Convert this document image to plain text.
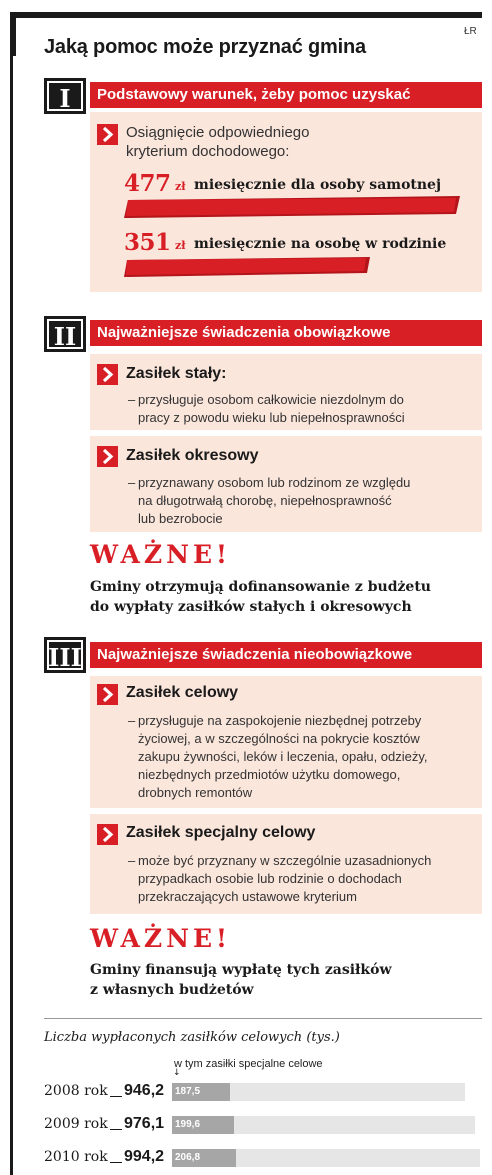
ŁR
Jaką pomoc może przyznać gmina
I	Podstawowy warunek, żeby pomoc uzyskać
Osiągnięcie odpowiedniego
kryterium dochodowego:
477 zł miesięcznie dla osoby samotnej
351 zł miesięcznie na osobę w rodzinie
II	Najważniejsze świadczenia obowiązkowe
Zasiłek stały:
– przysługuje osobom całkowicie niezdolnym do
pracy z powodu wieku lub niepełnosprawności
Zasiłek okresowy
– przyznawany osobom lub rodzinom ze względu
na długotrwałą chorobę, niepełnosprawność
lub bezrobocie
WAŻNE!
Gminy otrzymują dofinansowanie z budżetu
do wypłaty zasiłków stałych i okresowych
III	Najważniejsze świadczenia nieobowiązkowe
Zasiłek celowy
– przysługuje na zaspokojenie niezbędnej potrzeby
życiowej, a w szczególności na pokrycie kosztów
zakupu żywności, leków i leczenia, opału, odzieży,
niezbędnych przedmiotów użytku domowego,
drobnych remontów
Zasiłek specjalny celowy
– może być przyznany w szczególnie uzasadnionych
przypadkach osobie lub rodzinie o dochodach
przekraczających ustawowe kryterium
WAŻNE!
Gminy finansują wypłatę tych zasiłków
z własnych budżetów
Liczba wypłaconych zasiłków celowych (tys.)
w tym zasiłki specjalne celowe
↓
2008 rok 946,2 187,5
2009 rok 976,1 199,6
2010 rok 994,2 206,8
